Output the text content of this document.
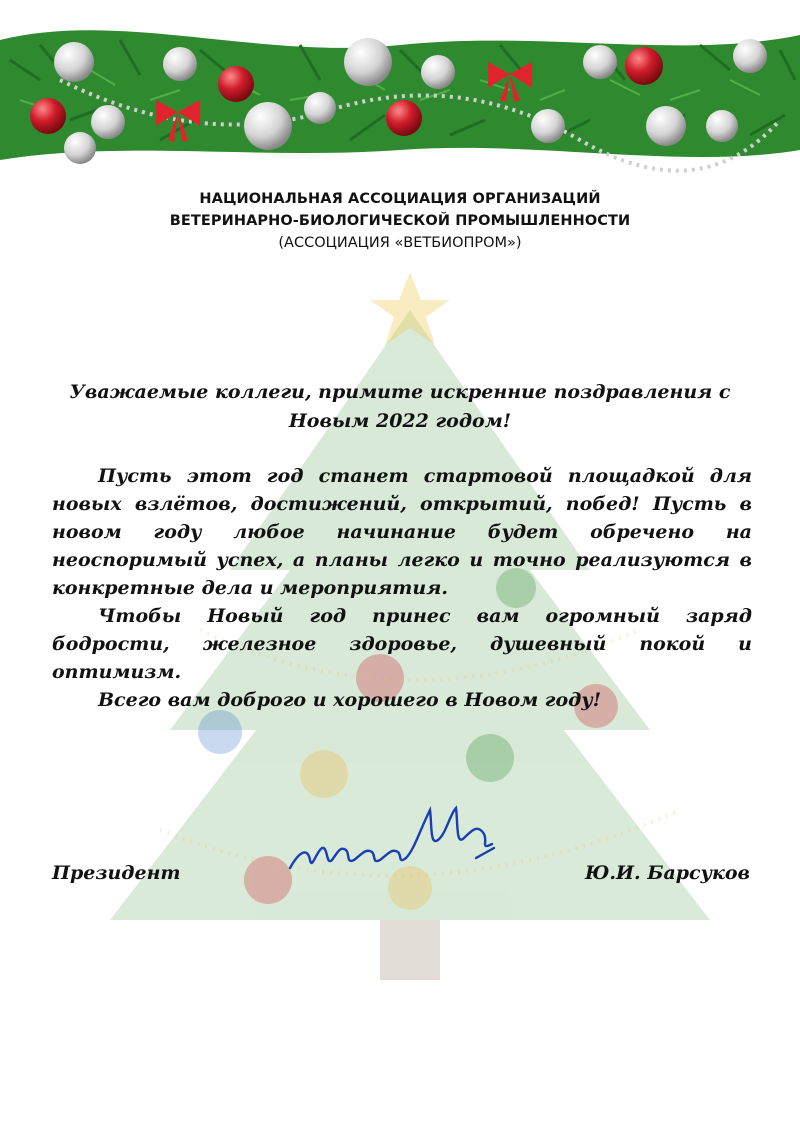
НАЦИОНАЛЬНАЯ АССОЦИАЦИЯ ОРГАНИЗАЦИЙ
ВЕТЕРИНАРНО-БИОЛОГИЧЕСКОЙ ПРОМЫШЛЕННОСТИ
(АССОЦИАЦИЯ «ВЕТБИОПРОМ»)
Уважаемые коллеги, примите искренние поздравления с Новым 2022 годом!

Пусть этот год станет стартовой площадкой для новых взлётов, достижений, открытий, побед! Пусть в новом году любое начинание будет обречено на неоспоримый успех, а планы легко и точно реализуются в конкретные дела и мероприятия.

Чтобы Новый год принес вам огромный заряд бодрости, железное здоровье, душевный покой и оптимизм.

Всего вам доброго и хорошего в Новом году!

Президент	Ю.И. Барсуков
